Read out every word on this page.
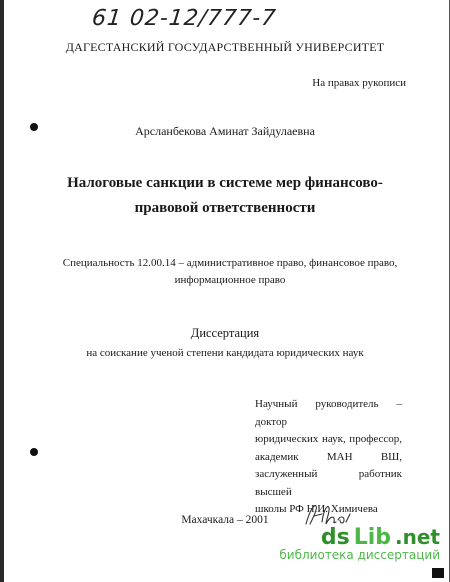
61 02-12/777-7
ДАГЕСТАНСКИЙ ГОСУДАРСТВЕННЫЙ УНИВЕРСИТЕТ
На правах рукописи
Арсланбекова Аминат Зайдулаевна
Налоговые санкции в системе мер финансово-
правовой ответственности
Специальность 12.00.14 – административное право, финансовое право,
информационное право
Диссертация
на соискание ученой степени кандидата юридических наук
Научный руководитель – доктор
юридических наук, профессор,
академик МАН ВШ,
заслуженный работник высшей
школы РФ Н.И. Химичева
Махачкала – 2001
ds Lib .net
библиотека диссертаций
